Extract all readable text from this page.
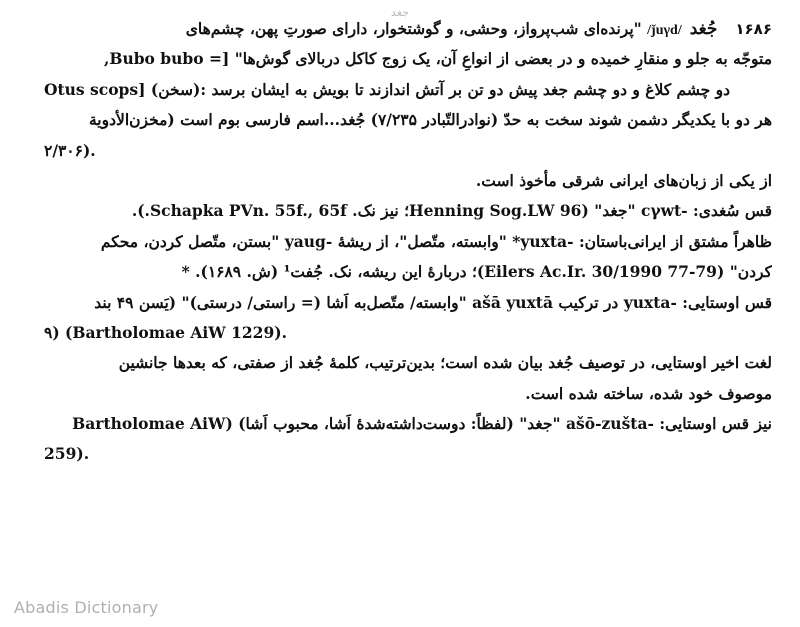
جغد
۱۶۸۶جُغد/ǰuγd/ "پرنده‌ای شب‌پرواز، وحشی، و گوشتخوار، دارای صورتِ پهن، چشم‌های
متوجّه به جلو و منقارِ خمیده و در بعضی از انواعِ آن، یک زوج کاکل دربالای گوش‌ها" [= Bubo bubo,
Otus scops] (سخن): دو چشم کلاغ و دو چشم جغد پیش دو تن بر آتش اندازند تا بویش به ایشان برسد
هر دو با یکدیگر دشمن شوند سخت به حدّ (نوادرالتّبادر ۷/۲۳۵) جُغد...اسم فارسی بوم است (مخزن‌الأدویة
۲/۳۰۶).
از یکی از زبان‌های ایرانی شرقی مأخوذ است.
قس سُغدی: -cγwt "جغد" (Henning Sog.LW 96؛ نیز نک. Schapka PVn. 55f., 65f.).
ظاهراً مشتق از ایرانی‌باستان: -yuxta* "وابسته، متّصل"، از ریشهٔ -yaug "بستن، متّصل کردن، محکم
کردن" (Eilers Ac.Ir. 30/1990 77-79)؛ دربارهٔ این ریشه، نک. جُفت¹ (ش. ۱۶۸۹). *
قس اوستایی: -yuxta در ترکیب ašā yuxtā "وابسته/ متّصل‌به اَشا (= راستی/ درستی)" (یَسن ۴۹ بند
۹) (Bartholomae AiW 1229).
لغت اخیر اوستایی، در توصیف جُغد بیان شده است؛ بدین‌ترتیب، کلمهٔ جُغد از صفتی، که بعدها جانشین
موصوف خود شده، ساخته شده است.
نیز قس اوستایی: -ašō-zušta "جغد" (لفظاً: دوست‌داشته‌شدهٔ اَشا، محبوب اَشا) (Bartholomae AiW
259).
Abadis Dictionary
